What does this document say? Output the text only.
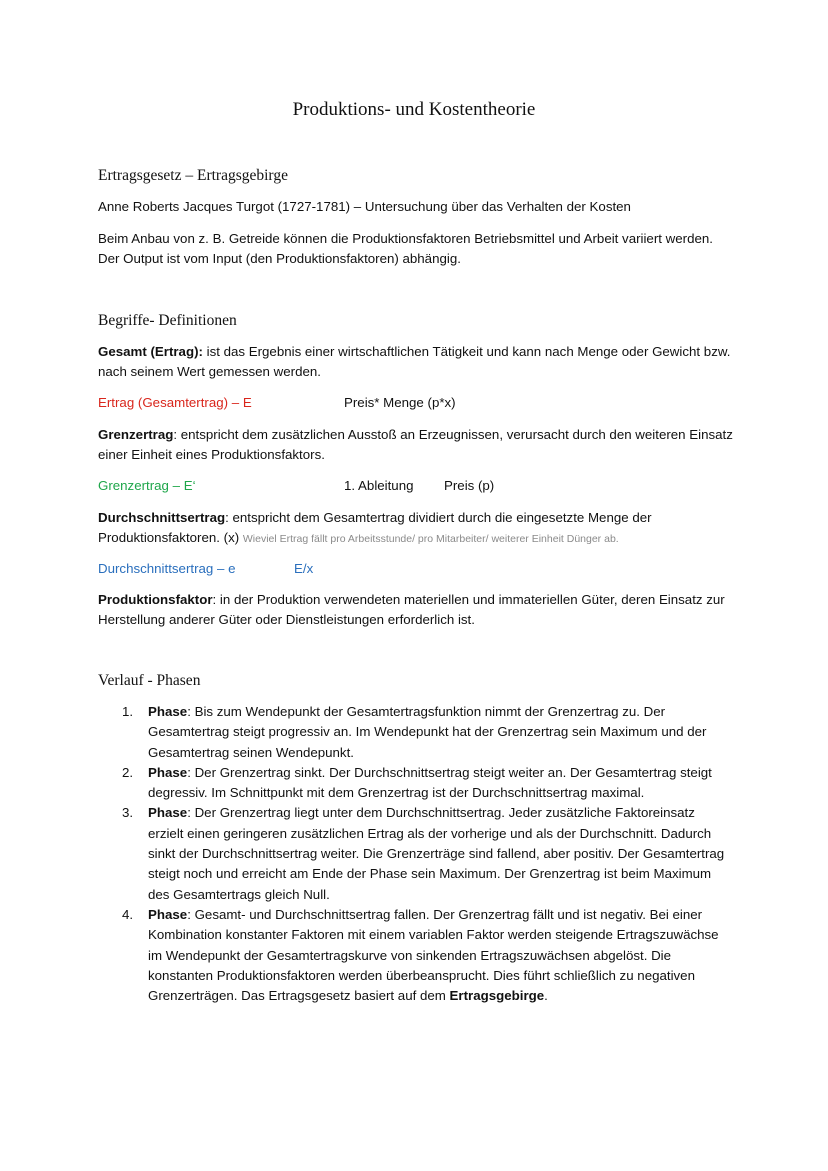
Produktions- und Kostentheorie
Ertragsgesetz – Ertragsgebirge
Anne Roberts Jacques Turgot (1727-1781) – Untersuchung über das Verhalten der Kosten
Beim Anbau von z. B. Getreide können die Produktionsfaktoren Betriebsmittel und Arbeit variiert werden. Der Output ist vom Input (den Produktionsfaktoren) abhängig.
Begriffe- Definitionen
Gesamt (Ertrag): ist das Ergebnis einer wirtschaftlichen Tätigkeit und kann nach Menge oder Gewicht bzw. nach seinem Wert gemessen werden.
Ertrag (Gesamtertrag) – E	Preis* Menge (p*x)
Grenzertrag: entspricht dem zusätzlichen Ausstoß an Erzeugnissen, verursacht durch den weiteren Einsatz einer Einheit eines Produktionsfaktors.
Grenzertrag – E‘	1. Ableitung Preis (p)
Durchschnittsertrag: entspricht dem Gesamtertrag dividiert durch die eingesetzte Menge der Produktionsfaktoren. (x) Wieviel Ertrag fällt pro Arbeitsstunde/ pro Mitarbeiter/ weiterer Einheit Dünger ab.
Durchschnittsertrag – e	E/x
Produktionsfaktor: in der Produktion verwendeten materiellen und immateriellen Güter, deren Einsatz zur Herstellung anderer Güter oder Dienstleistungen erforderlich ist.
Verlauf - Phasen
1. Phase: Bis zum Wendepunkt der Gesamtertragsfunktion nimmt der Grenzertrag zu. Der Gesamtertrag steigt progressiv an. Im Wendepunkt hat der Grenzertrag sein Maximum und der Gesamtertrag seinen Wendepunkt.
2. Phase: Der Grenzertrag sinkt. Der Durchschnittsertrag steigt weiter an. Der Gesamtertrag steigt degressiv. Im Schnittpunkt mit dem Grenzertrag ist der Durchschnittsertrag maximal.
3. Phase: Der Grenzertrag liegt unter dem Durchschnittsertrag. Jeder zusätzliche Faktoreinsatz erzielt einen geringeren zusätzlichen Ertrag als der vorherige und als der Durchschnitt. Dadurch sinkt der Durchschnittsertrag weiter. Die Grenzerträge sind fallend, aber positiv. Der Gesamtertrag steigt noch und erreicht am Ende der Phase sein Maximum. Der Grenzertrag ist beim Maximum des Gesamtertrags gleich Null.
4. Phase: Gesamt- und Durchschnittsertrag fallen. Der Grenzertrag fällt und ist negativ. Bei einer Kombination konstanter Faktoren mit einem variablen Faktor werden steigende Ertragszuwächse im Wendepunkt der Gesamtertragskurve von sinkenden Ertragszuwächsen abgelöst. Die konstanten Produktionsfaktoren werden überbeansprucht. Dies führt schließlich zu negativen Grenzerträgen. Das Ertragsgesetz basiert auf dem Ertragsgebirge.
